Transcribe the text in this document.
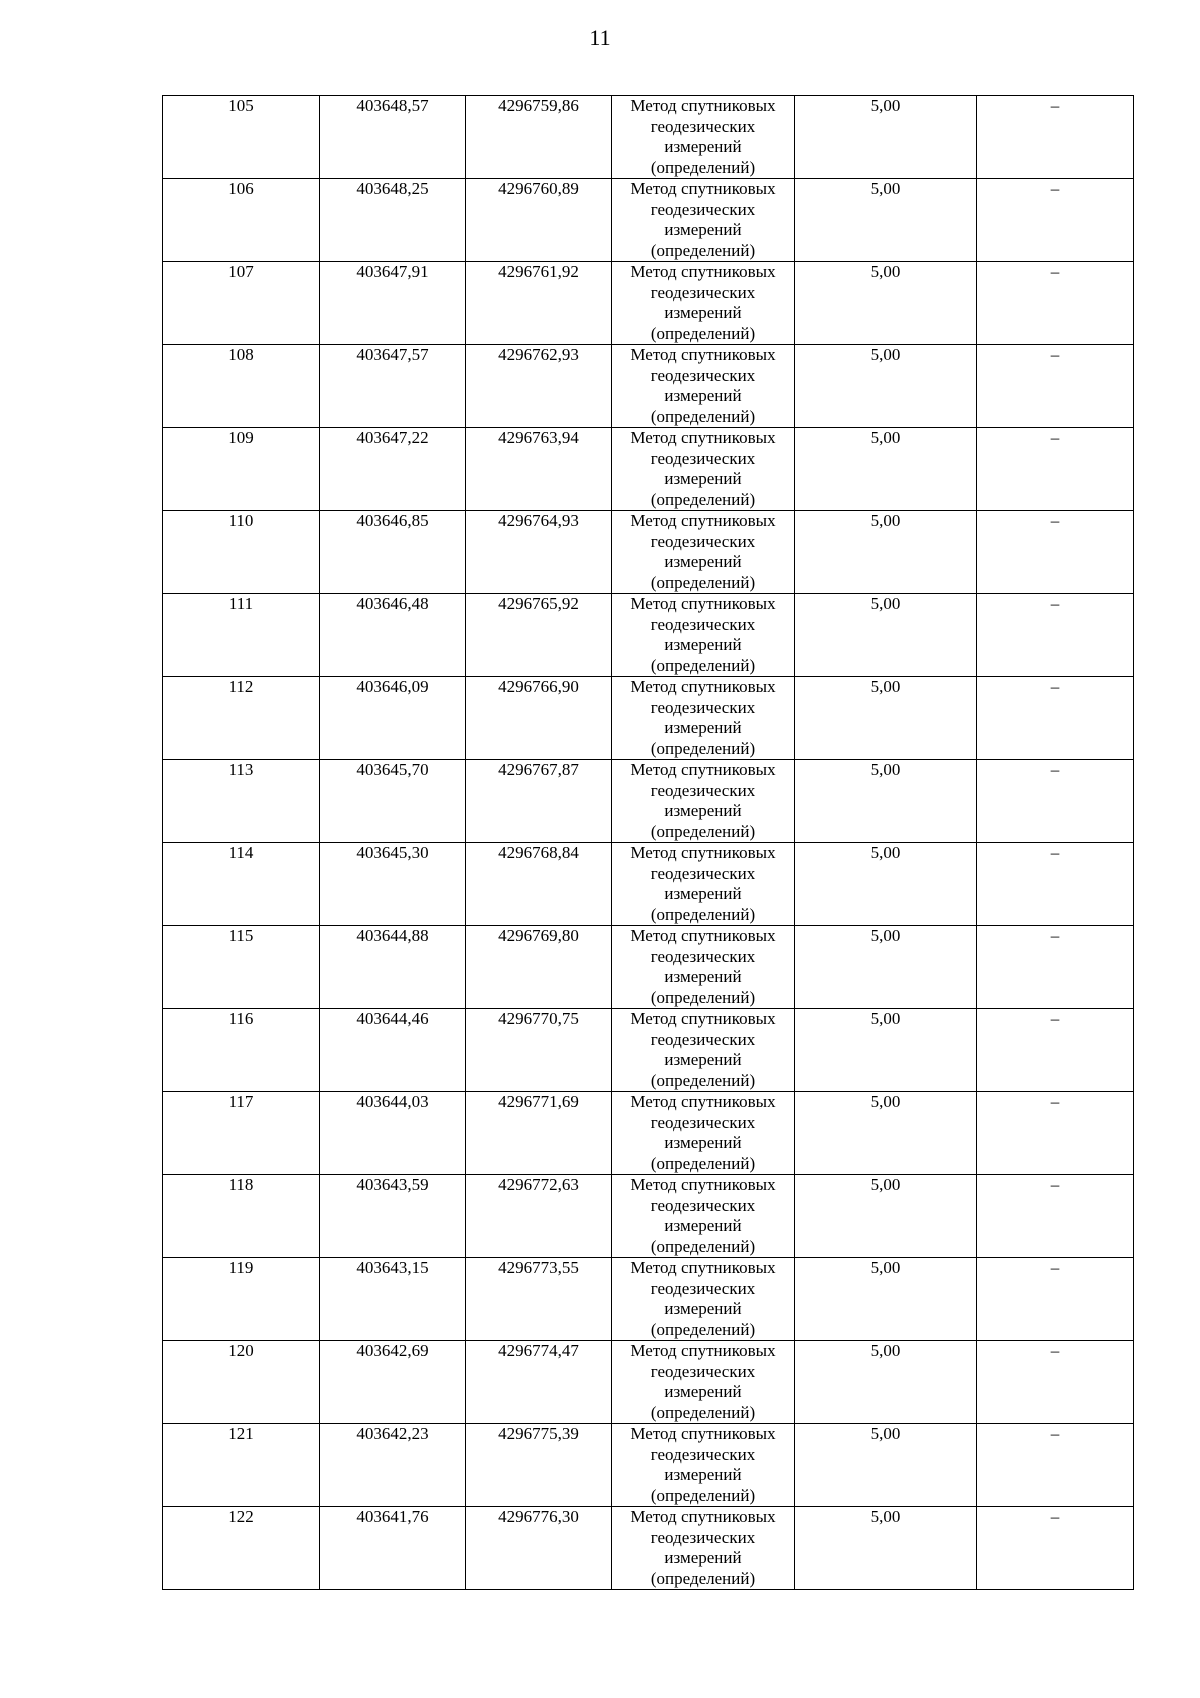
11
105	403648,57	4296759,86	Метод спутниковых геодезических измерений (определений)	5,00	–
106	403648,25	4296760,89	Метод спутниковых геодезических измерений (определений)	5,00	–
107	403647,91	4296761,92	Метод спутниковых геодезических измерений (определений)	5,00	–
108	403647,57	4296762,93	Метод спутниковых геодезических измерений (определений)	5,00	–
109	403647,22	4296763,94	Метод спутниковых геодезических измерений (определений)	5,00	–
110	403646,85	4296764,93	Метод спутниковых геодезических измерений (определений)	5,00	–
111	403646,48	4296765,92	Метод спутниковых геодезических измерений (определений)	5,00	–
112	403646,09	4296766,90	Метод спутниковых геодезических измерений (определений)	5,00	–
113	403645,70	4296767,87	Метод спутниковых геодезических измерений (определений)	5,00	–
114	403645,30	4296768,84	Метод спутниковых геодезических измерений (определений)	5,00	–
115	403644,88	4296769,80	Метод спутниковых геодезических измерений (определений)	5,00	–
116	403644,46	4296770,75	Метод спутниковых геодезических измерений (определений)	5,00	–
117	403644,03	4296771,69	Метод спутниковых геодезических измерений (определений)	5,00	–
118	403643,59	4296772,63	Метод спутниковых геодезических измерений (определений)	5,00	–
119	403643,15	4296773,55	Метод спутниковых геодезических измерений (определений)	5,00	–
120	403642,69	4296774,47	Метод спутниковых геодезических измерений (определений)	5,00	–
121	403642,23	4296775,39	Метод спутниковых геодезических измерений (определений)	5,00	–
122	403641,76	4296776,30	Метод спутниковых геодезических измерений (определений)	5,00	–
